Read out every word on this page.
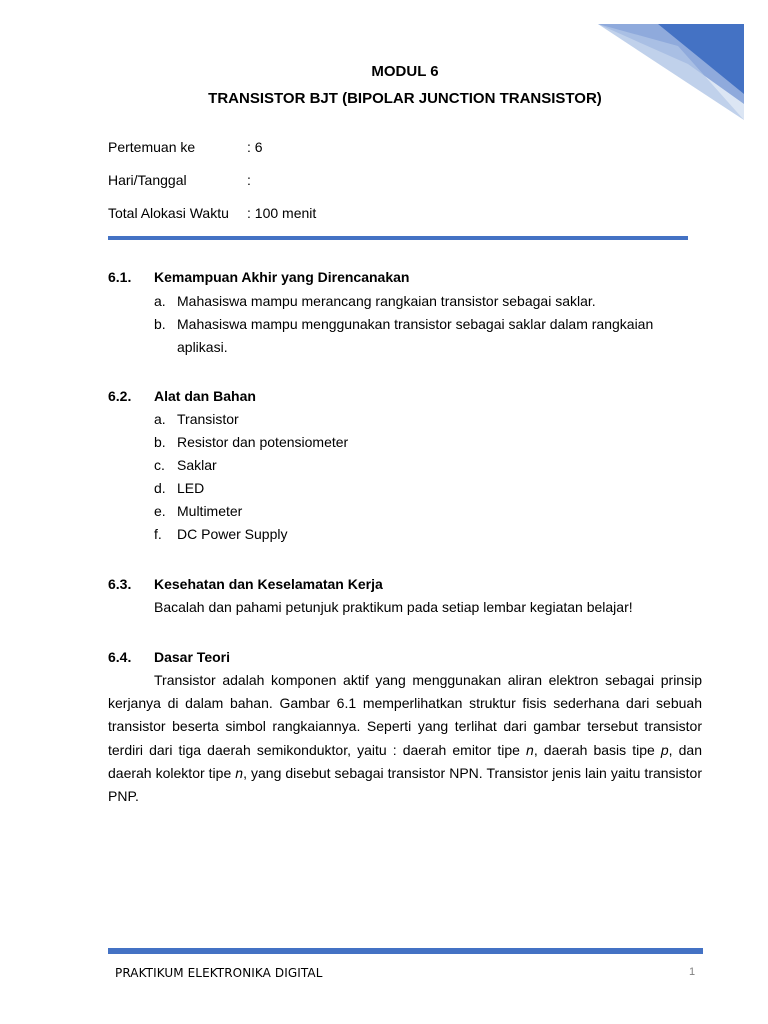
MODUL 6
TRANSISTOR BJT (BIPOLAR JUNCTION TRANSISTOR)
Pertemuan ke	: 6
Hari/Tanggal	:
Total Alokasi Waktu : 100 menit
6.1. Kemampuan Akhir yang Direncanakan
a. Mahasiswa mampu merancang rangkaian transistor sebagai saklar.
b. Mahasiswa mampu menggunakan transistor sebagai saklar dalam rangkaian
aplikasi.
6.2. Alat dan Bahan
a. Transistor
b. Resistor dan potensiometer
c. Saklar
d. LED
e. Multimeter
f. DC Power Supply
6.3. Kesehatan dan Keselamatan Kerja
Bacalah dan pahami petunjuk praktikum pada setiap lembar kegiatan belajar!
6.4. Dasar Teori
Transistor adalah komponen aktif yang menggunakan aliran elektron sebagai prinsip kerjanya di dalam bahan. Gambar 6.1 memperlihatkan struktur fisis sederhana dari sebuah transistor beserta simbol rangkaiannya. Seperti yang terlihat dari gambar tersebut transistor terdiri dari tiga daerah semikonduktor, yaitu : daerah emitor tipe n, daerah basis tipe p, dan daerah kolektor tipe n, yang disebut sebagai transistor NPN. Transistor jenis lain yaitu transistor PNP.
PRAKTIKUM ELEKTRONIKA DIGITAL	1
